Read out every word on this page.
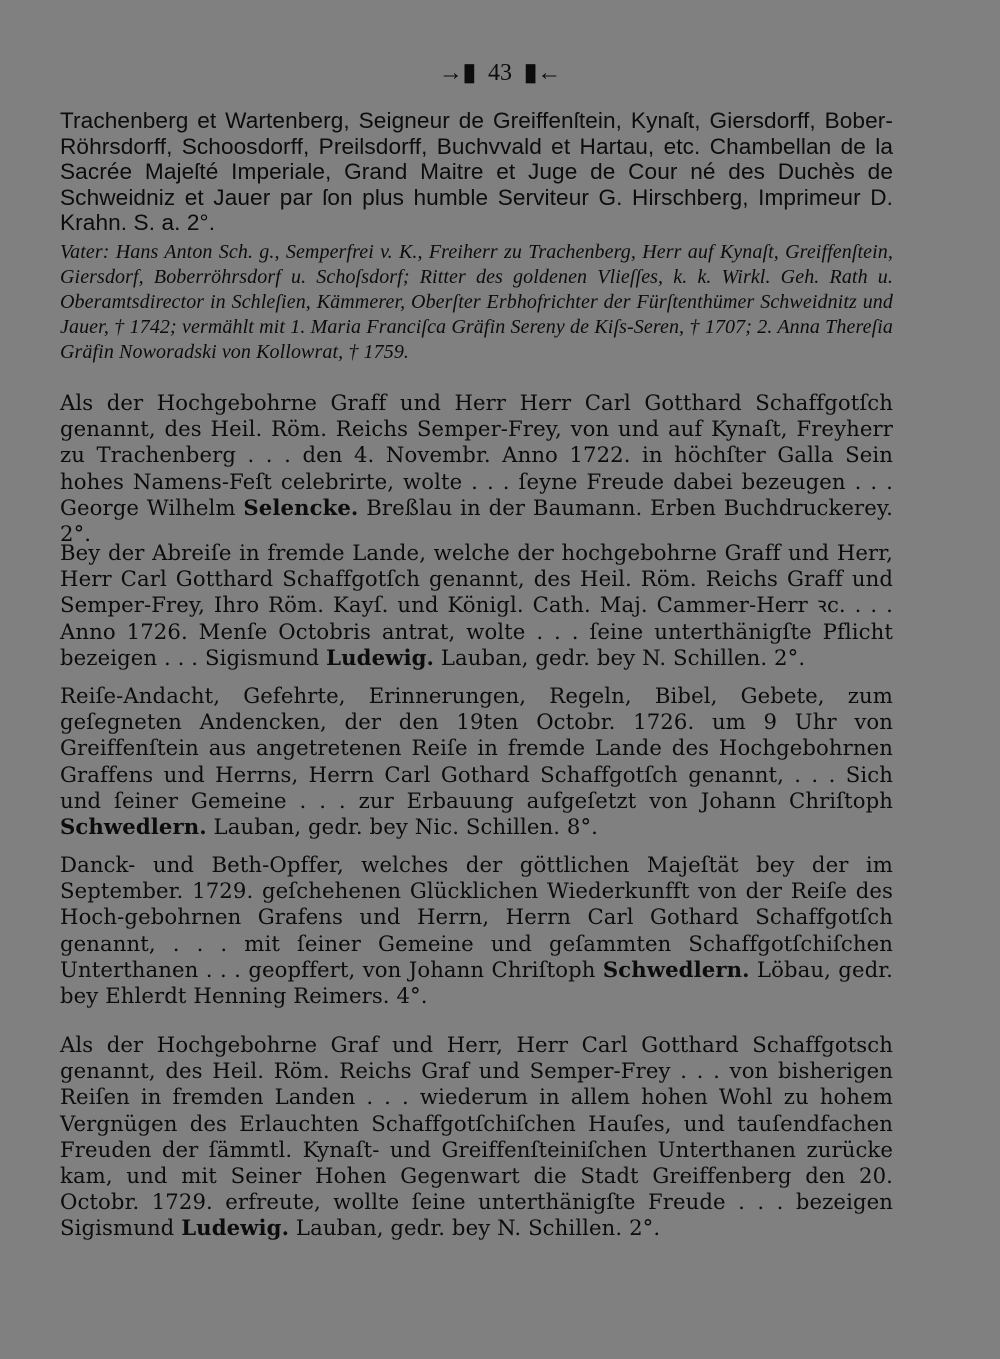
→▮ 43 ▮←

Trachenberg et Wartenberg, Seigneur de Greiffenſtein, Kynaſt, Giersdorff, Bober-Röhrsdorff, Schoosdorff, Preilsdorff, Buchvvald et Hartau, etc. Chambellan de la Sacrée Majeſté Imperiale, Grand Maitre et Juge de Cour né des Duchès de Schweidniz et Jauer par ſon plus humble Serviteur G. Hirschberg, Imprimeur D. Krahn. S. a. 2°.

Vater: Hans Anton Sch. g., Semperfrei v. K., Freiherr zu Trachenberg, Herr auf Kynaſt, Greiffenſtein, Giersdorf, Boberröhrsdorf u. Schoſsdorf; Ritter des goldenen Vlieſſes, k. k. Wirkl. Geh. Rath u. Oberamtsdirector in Schleſien, Kämmerer, Oberſter Erbhofrichter der Fürſtenthümer Schweidnitz und Jauer, † 1742; vermählt mit 1. Maria Franciſca Gräfin Sereny de Kiſs-Seren, † 1707; 2. Anna Thereſia Gräfin Noworadski von Kollowrat, † 1759.

Als der Hochgebohrne Graff und Herr Herr Carl Gotthard Schaffgotſch genannt, des Heil. Röm. Reichs Semper-Frey, von und auf Kynaſt, Freyherr zu Trachenberg . . . den 4. Novembr. Anno 1722. in höchſter Galla Sein hohes Namens-Feſt celebrirte, wolte . . . ſeyne Freude dabei bezeugen . . . George Wilhelm Selencke. Breßlau in der Baumann. Erben Buchdruckerey. 2°.

Bey der Abreiſe in fremde Lande, welche der hochgebohrne Graff und Herr, Herr Carl Gotthard Schaffgotſch genannt, des Heil. Röm. Reichs Graff und Semper-Frey, Ihro Röm. Kayſ. und Königl. Cath. Maj. Cammer-Herr ꝛc. . . . Anno 1726. Menſe Octobris antrat, wolte . . . ſeine unterthänigſte Pflicht bezeigen . . . Sigismund Ludewig. Lauban, gedr. bey N. Schillen. 2°.

Reiſe-Andacht, Gefehrte, Erinnerungen, Regeln, Bibel, Gebete, zum geſegneten Andencken, der den 19ten Octobr. 1726. um 9 Uhr von Greiffenſtein aus angetretenen Reiſe in fremde Lande des Hochgebohrnen Graffens und Herrns, Herrn Carl Gothard Schaffgotſch genannt, . . . Sich und ſeiner Gemeine . . . zur Erbauung aufgeſetzt von Johann Chriſtoph Schwedlern. Lauban, gedr. bey Nic. Schillen. 8°.

Danck- und Beth-Opffer, welches der göttlichen Majeſtät bey der im September. 1729. geſchehenen Glücklichen Wiederkunfft von der Reiſe des Hoch-gebohrnen Grafens und Herrn, Herrn Carl Gothard Schaffgotſch genannt, . . . mit ſeiner Gemeine und geſammten Schaffgotſchiſchen Unterthanen . . . geopffert, von Johann Chriſtoph Schwedlern. Löbau, gedr. bey Ehlerdt Henning Reimers. 4°.

Als der Hochgebohrne Graf und Herr, Herr Carl Gotthard Schaffgotsch genannt, des Heil. Röm. Reichs Graf und Semper-Frey . . . von bisherigen Reiſen in fremden Landen . . . wiederum in allem hohen Wohl zu hohem Vergnügen des Erlauchten Schaffgotſchiſchen Hauſes, und tauſendfachen Freuden der ſämmtl. Kynaſt- und Greiffenſteiniſchen Unterthanen zurücke kam, und mit Seiner Hohen Gegenwart die Stadt Greiffenberg den 20. Octobr. 1729. erfreute, wollte ſeine unterthänigſte Freude . . . bezeigen Sigismund Ludewig. Lauban, gedr. bey N. Schillen. 2°.
